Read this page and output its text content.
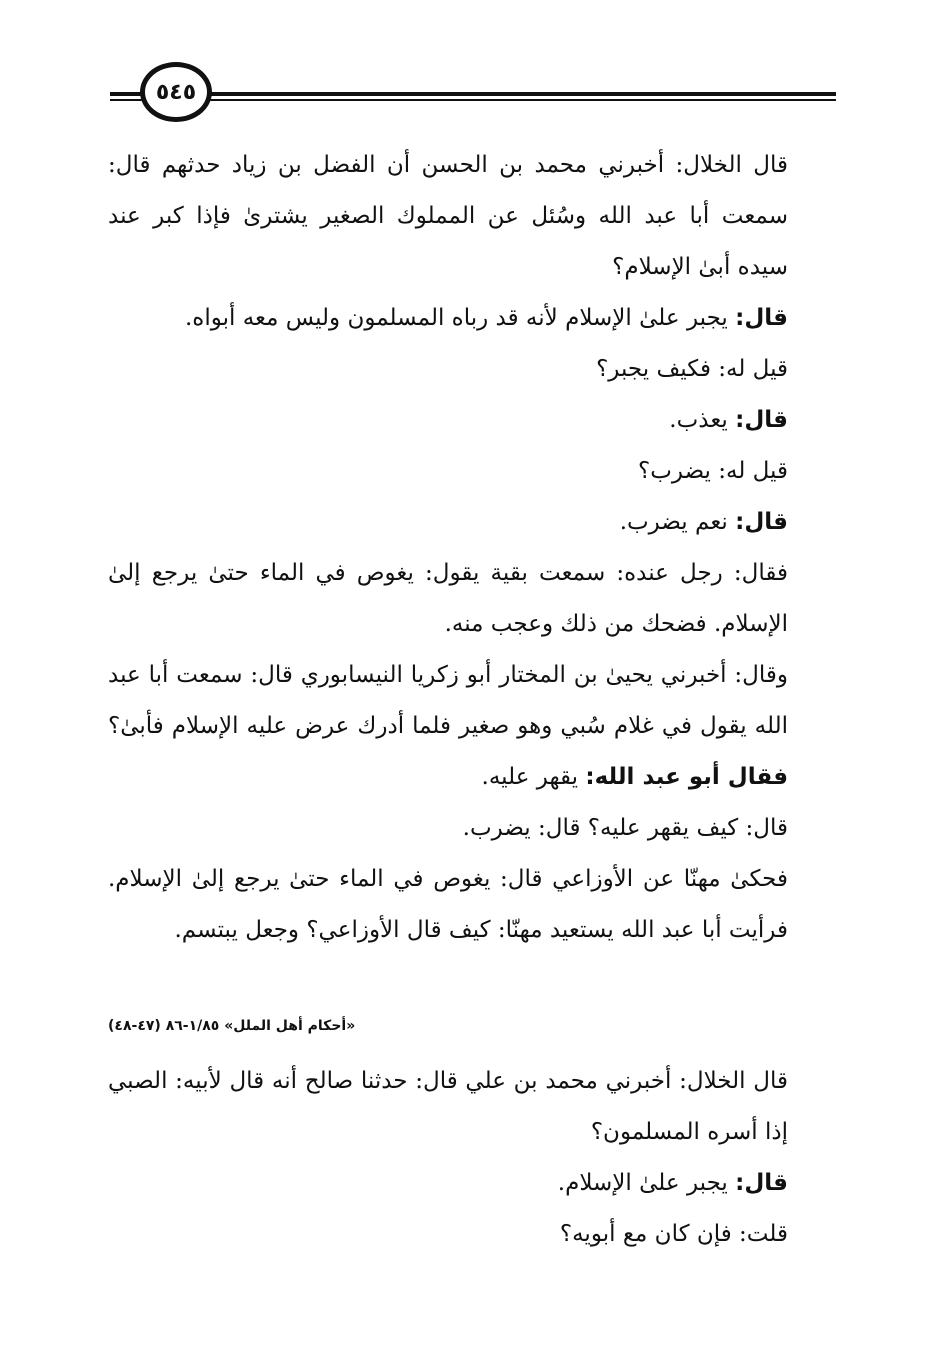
٥٤٥

قال الخلال: أخبرني محمد بن الحسن أن الفضل بن زياد حدثهم قال: سمعت أبا عبد الله وسُئل عن المملوك الصغير يشترىٰ فإذا كبر عند سيده أبىٰ الإسلام؟

قال: يجبر علىٰ الإسلام لأنه قد رباه المسلمون وليس معه أبواه.

قيل له: فكيف يجبر؟

قال: يعذب.

قيل له: يضرب؟

قال: نعم يضرب.

فقال: رجل عنده: سمعت بقية يقول: يغوص في الماء حتىٰ يرجع إلىٰ الإسلام. فضحك من ذلك وعجب منه.

وقال: أخبرني يحيىٰ بن المختار أبو زكريا النيسابوري قال: سمعت أبا عبد الله يقول في غلام سُبي وهو صغير فلما أدرك عرض عليه الإسلام فأبىٰ؟ فقال أبو عبد الله: يقهر عليه.

قال: كيف يقهر عليه؟ قال: يضرب.

فحكىٰ مهنّا عن الأوزاعي قال: يغوص في الماء حتىٰ يرجع إلىٰ الإسلام. فرأيت أبا عبد الله يستعيد مهنّا: كيف قال الأوزاعي؟ وجعل يبتسم.

«أحكام أهل الملل» ١/٨٥-٨٦ (٤٧-٤٨)

قال الخلال: أخبرني محمد بن علي قال: حدثنا صالح أنه قال لأبيه: الصبي إذا أسره المسلمون؟

قال: يجبر علىٰ الإسلام.

قلت: فإن كان مع أبويه؟
